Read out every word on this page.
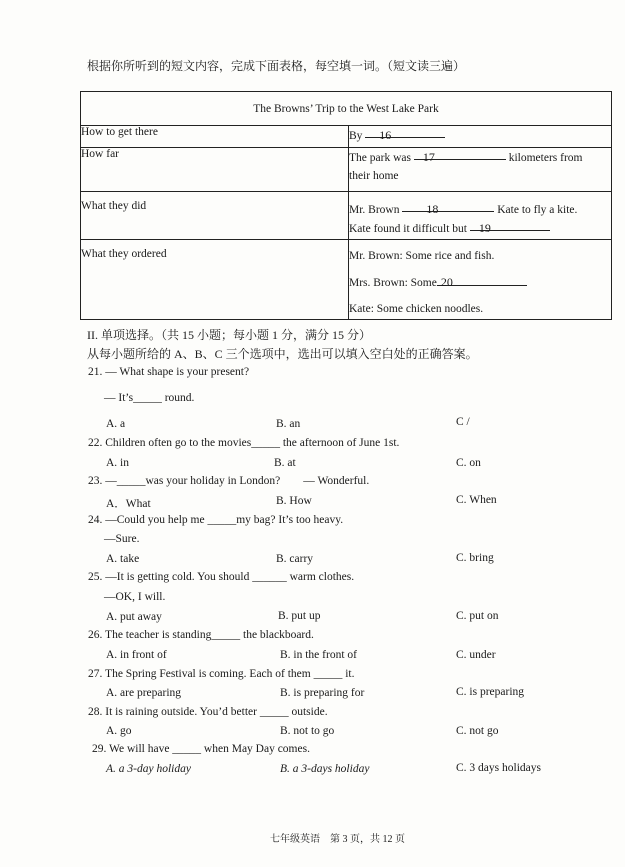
根据你所听到的短文内容，完成下面表格，每空填一词。（短文读三遍）
The Browns’ Trip to the West Lake Park	
How to get there	By 16
How far	The park was 17 kilometers from
their home
What they did	Mr. Brown 18 Kate to fly a kite.
Kate found it difficult but 19
What they ordered	Mr. Brown: Some rice and fish.
Mrs. Brown: Some 20
Kate: Some chicken noodles.
II. 单项选择。（共 15 小题；每小题 1 分，满分 15 分）
从每小题所给的 A、B、C 三个选项中，选出可以填入空白处的正确答案。
21. — What shape is your present?
— It’s_____ round.
A. a	B. an	C /
22. Children often go to the movies_____ the afternoon of June 1st.
A. in	B. at	C. on
23. —_____was your holiday in London?        — Wonderful.
A．What	B. How	C. When
24. —Could you help me _____my bag? It’s too heavy.
—Sure.
A. take	B. carry	C. bring
25. —It is getting cold. You should ______ warm clothes.
—OK, I will.
A. put away	B. put up	C. put on
26. The teacher is standing_____ the blackboard.
A. in front of	B. in the front of	C. under
27. The Spring Festival is coming. Each of them _____ it.
A. are preparing	B. is preparing for	C. is preparing
28. It is raining outside. You’d better _____ outside.
A. go	B. not to go	C. not go
29. We will have _____ when May Day comes.
A. a 3-day holiday	B. a 3-days holiday	C. 3 days holidays
七年级英语    第 3 页，共 12 页
